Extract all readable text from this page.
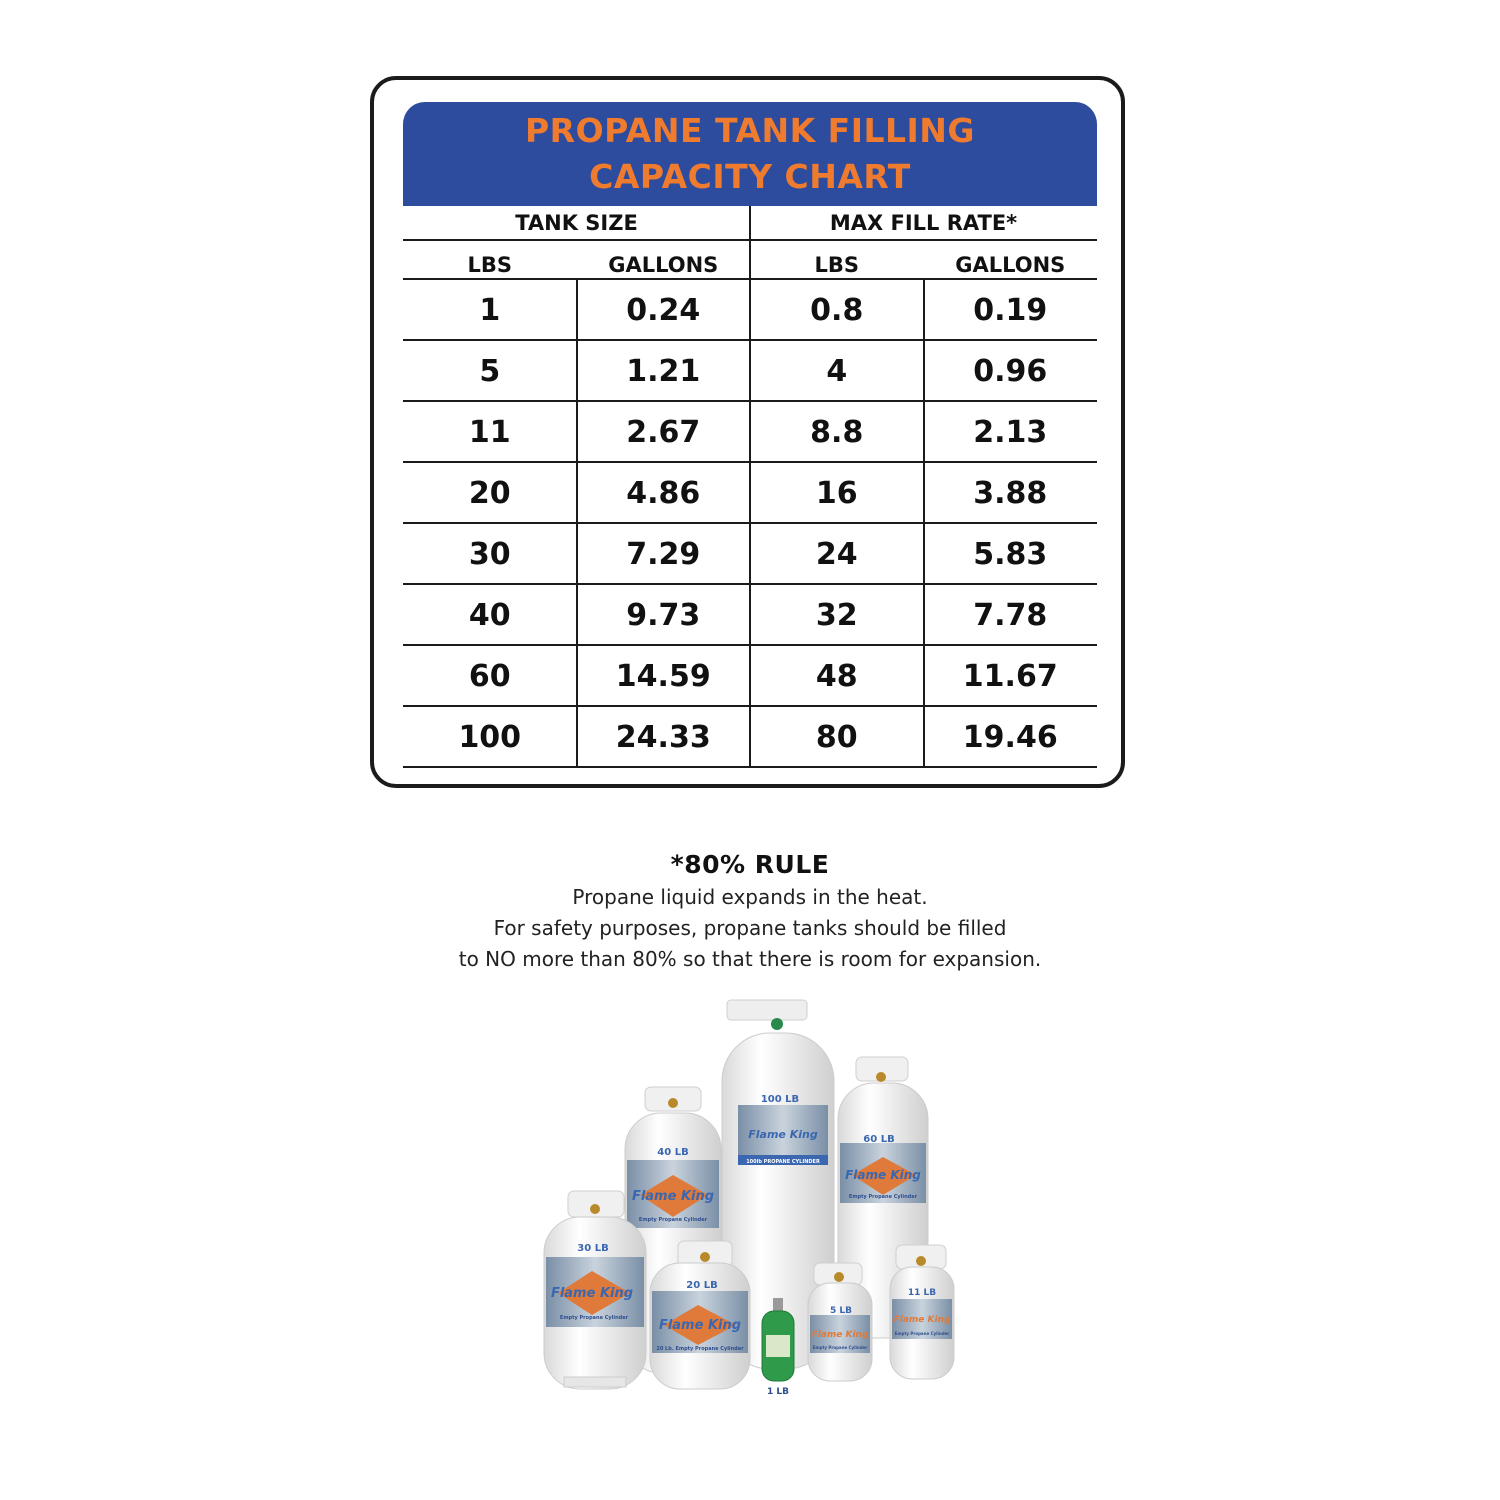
PROPANE TANK FILLING
CAPACITY CHART
TANK SIZE	MAX FILL RATE*
LBS	GALLONS	LBS	GALLONS
1	0.24	0.8	0.19
5	1.21	4	0.96
11	2.67	8.8	2.13
20	4.86	16	3.88
30	7.29	24	5.83
40	9.73	32	7.78
60	14.59	48	11.67
100	24.33	80	19.46
*80% RULE
Propane liquid expands in the heat.
For safety purposes, propane tanks should be filled
to NO more than 80% so that there is room for expansion.
100 LB
Flame King
100lb PROPANE CYLINDER
40 LB
Flame King
Empty Propane Cylinder
60 LB
Flame King
Empty Propane Cylinder
30 LB
Flame King
Empty Propane Cylinder
20 LB
Flame King
20 Lb. Empty Propane Cylinder
1 LB
5 LB
Flame King
Empty Propane Cylinder
11 LB
Flame King
Empty Propane Cylinder
